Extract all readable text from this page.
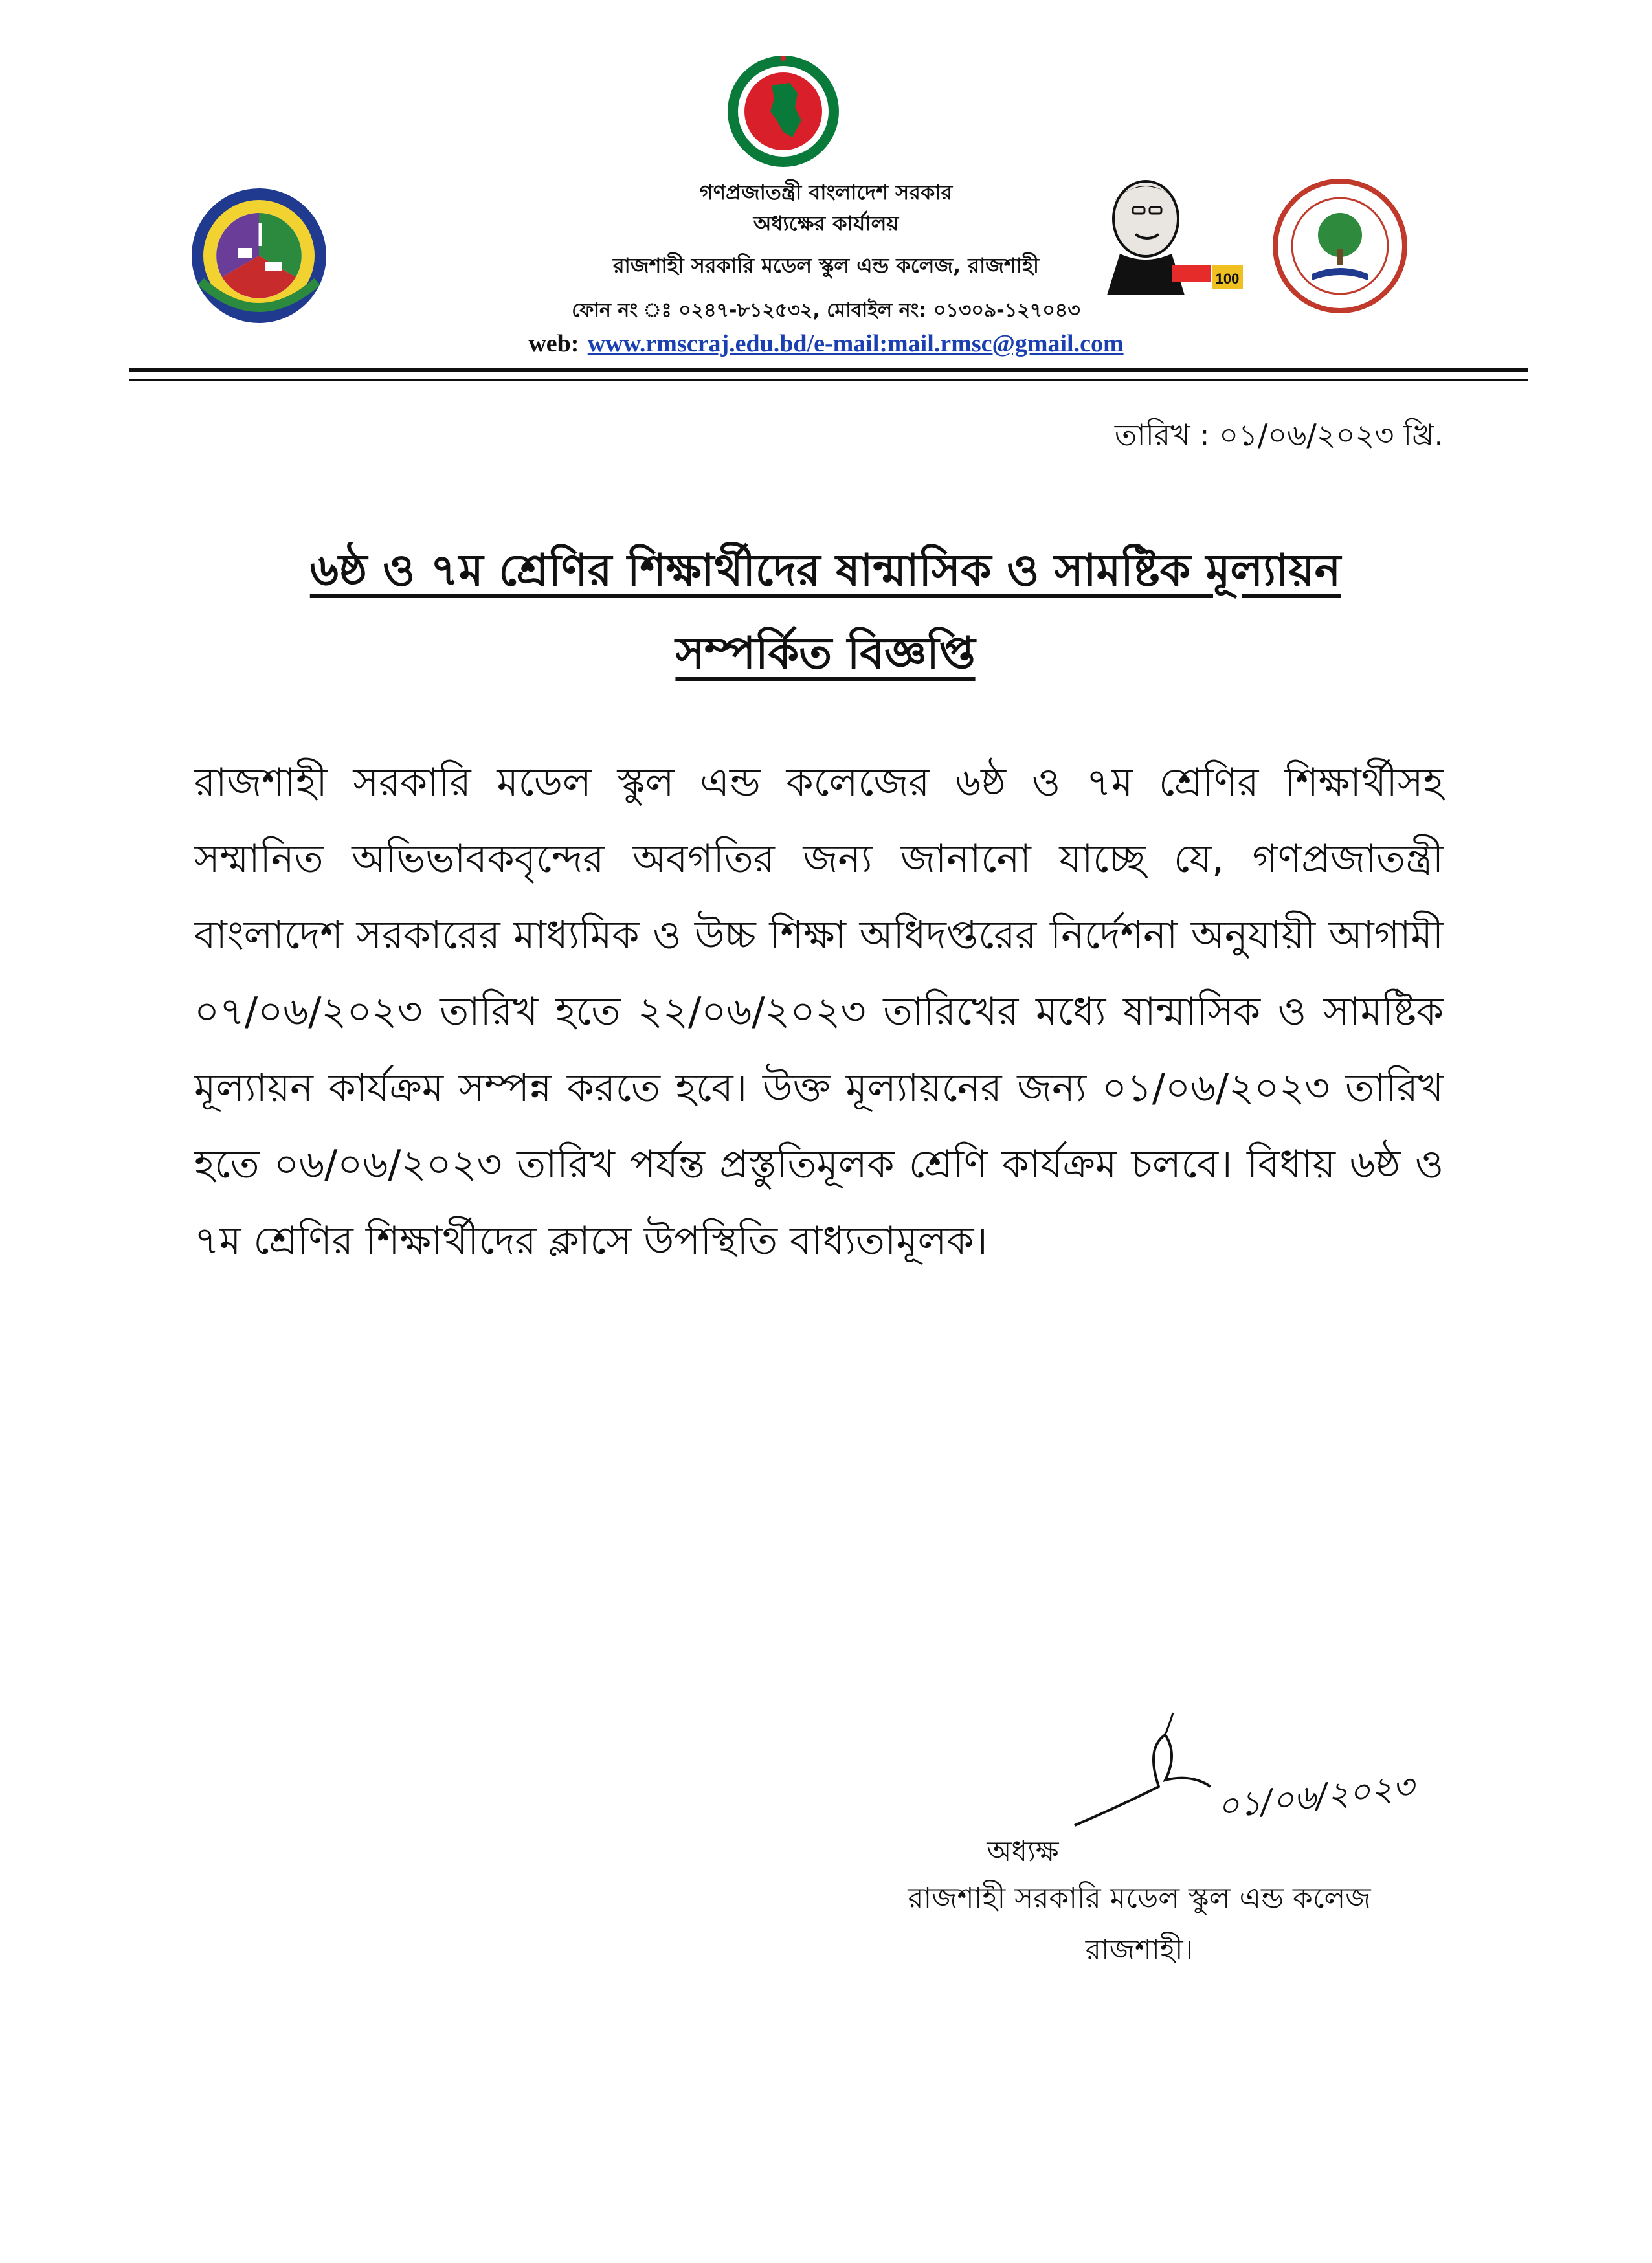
100
গণপ্রজাতন্ত্রী বাংলাদেশ সরকার
অধ্যক্ষের কার্যালয়
রাজশাহী সরকারি মডেল স্কুল এন্ড কলেজ, রাজশাহী
ফোন নং ঃ ০২৪৭-৮১২৫৩২, মোবাইল নং: ০১৩০৯-১২৭০৪৩
web: www.rmscraj.edu.bd/e-mail:mail.rmsc@gmail.com
তারিখ : ০১/০৬/২০২৩ খ্রি.
৬ষ্ঠ ও ৭ম শ্রেণির শিক্ষার্থীদের ষান্মাসিক ও সামষ্টিক মূল্যায়ন
সম্পর্কিত বিজ্ঞপ্তি
রাজশাহী সরকারি মডেল স্কুল এন্ড কলেজের ৬ষ্ঠ ও ৭ম শ্রেণির শিক্ষার্থীসহ সম্মানিত অভিভাবকবৃন্দের অবগতির জন্য জানানো যাচ্ছে যে, গণপ্রজাতন্ত্রী বাংলাদেশ সরকারের মাধ্যমিক ও উচ্চ শিক্ষা অধিদপ্তরের নির্দেশনা অনুযায়ী আগামী ০৭/০৬/২০২৩ তারিখ হতে ২২/০৬/২০২৩ তারিখের মধ্যে ষান্মাসিক ও সামষ্টিক মূল্যায়ন কার্যক্রম সম্পন্ন করতে হবে। উক্ত মূল্যায়নের জন্য ০১/০৬/২০২৩ তারিখ হতে ০৬/০৬/২০২৩ তারিখ পর্যন্ত প্রস্তুতিমূলক শ্রেণি কার্যক্রম চলবে। বিধায় ৬ষ্ঠ ও ৭ম শ্রেণির শিক্ষার্থীদের ক্লাসে উপস্থিতি বাধ্যতামূলক।
০১/০৬/২০২৩
অধ্যক্ষ
রাজশাহী সরকারি মডেল স্কুল এন্ড কলেজ
রাজশাহী।
